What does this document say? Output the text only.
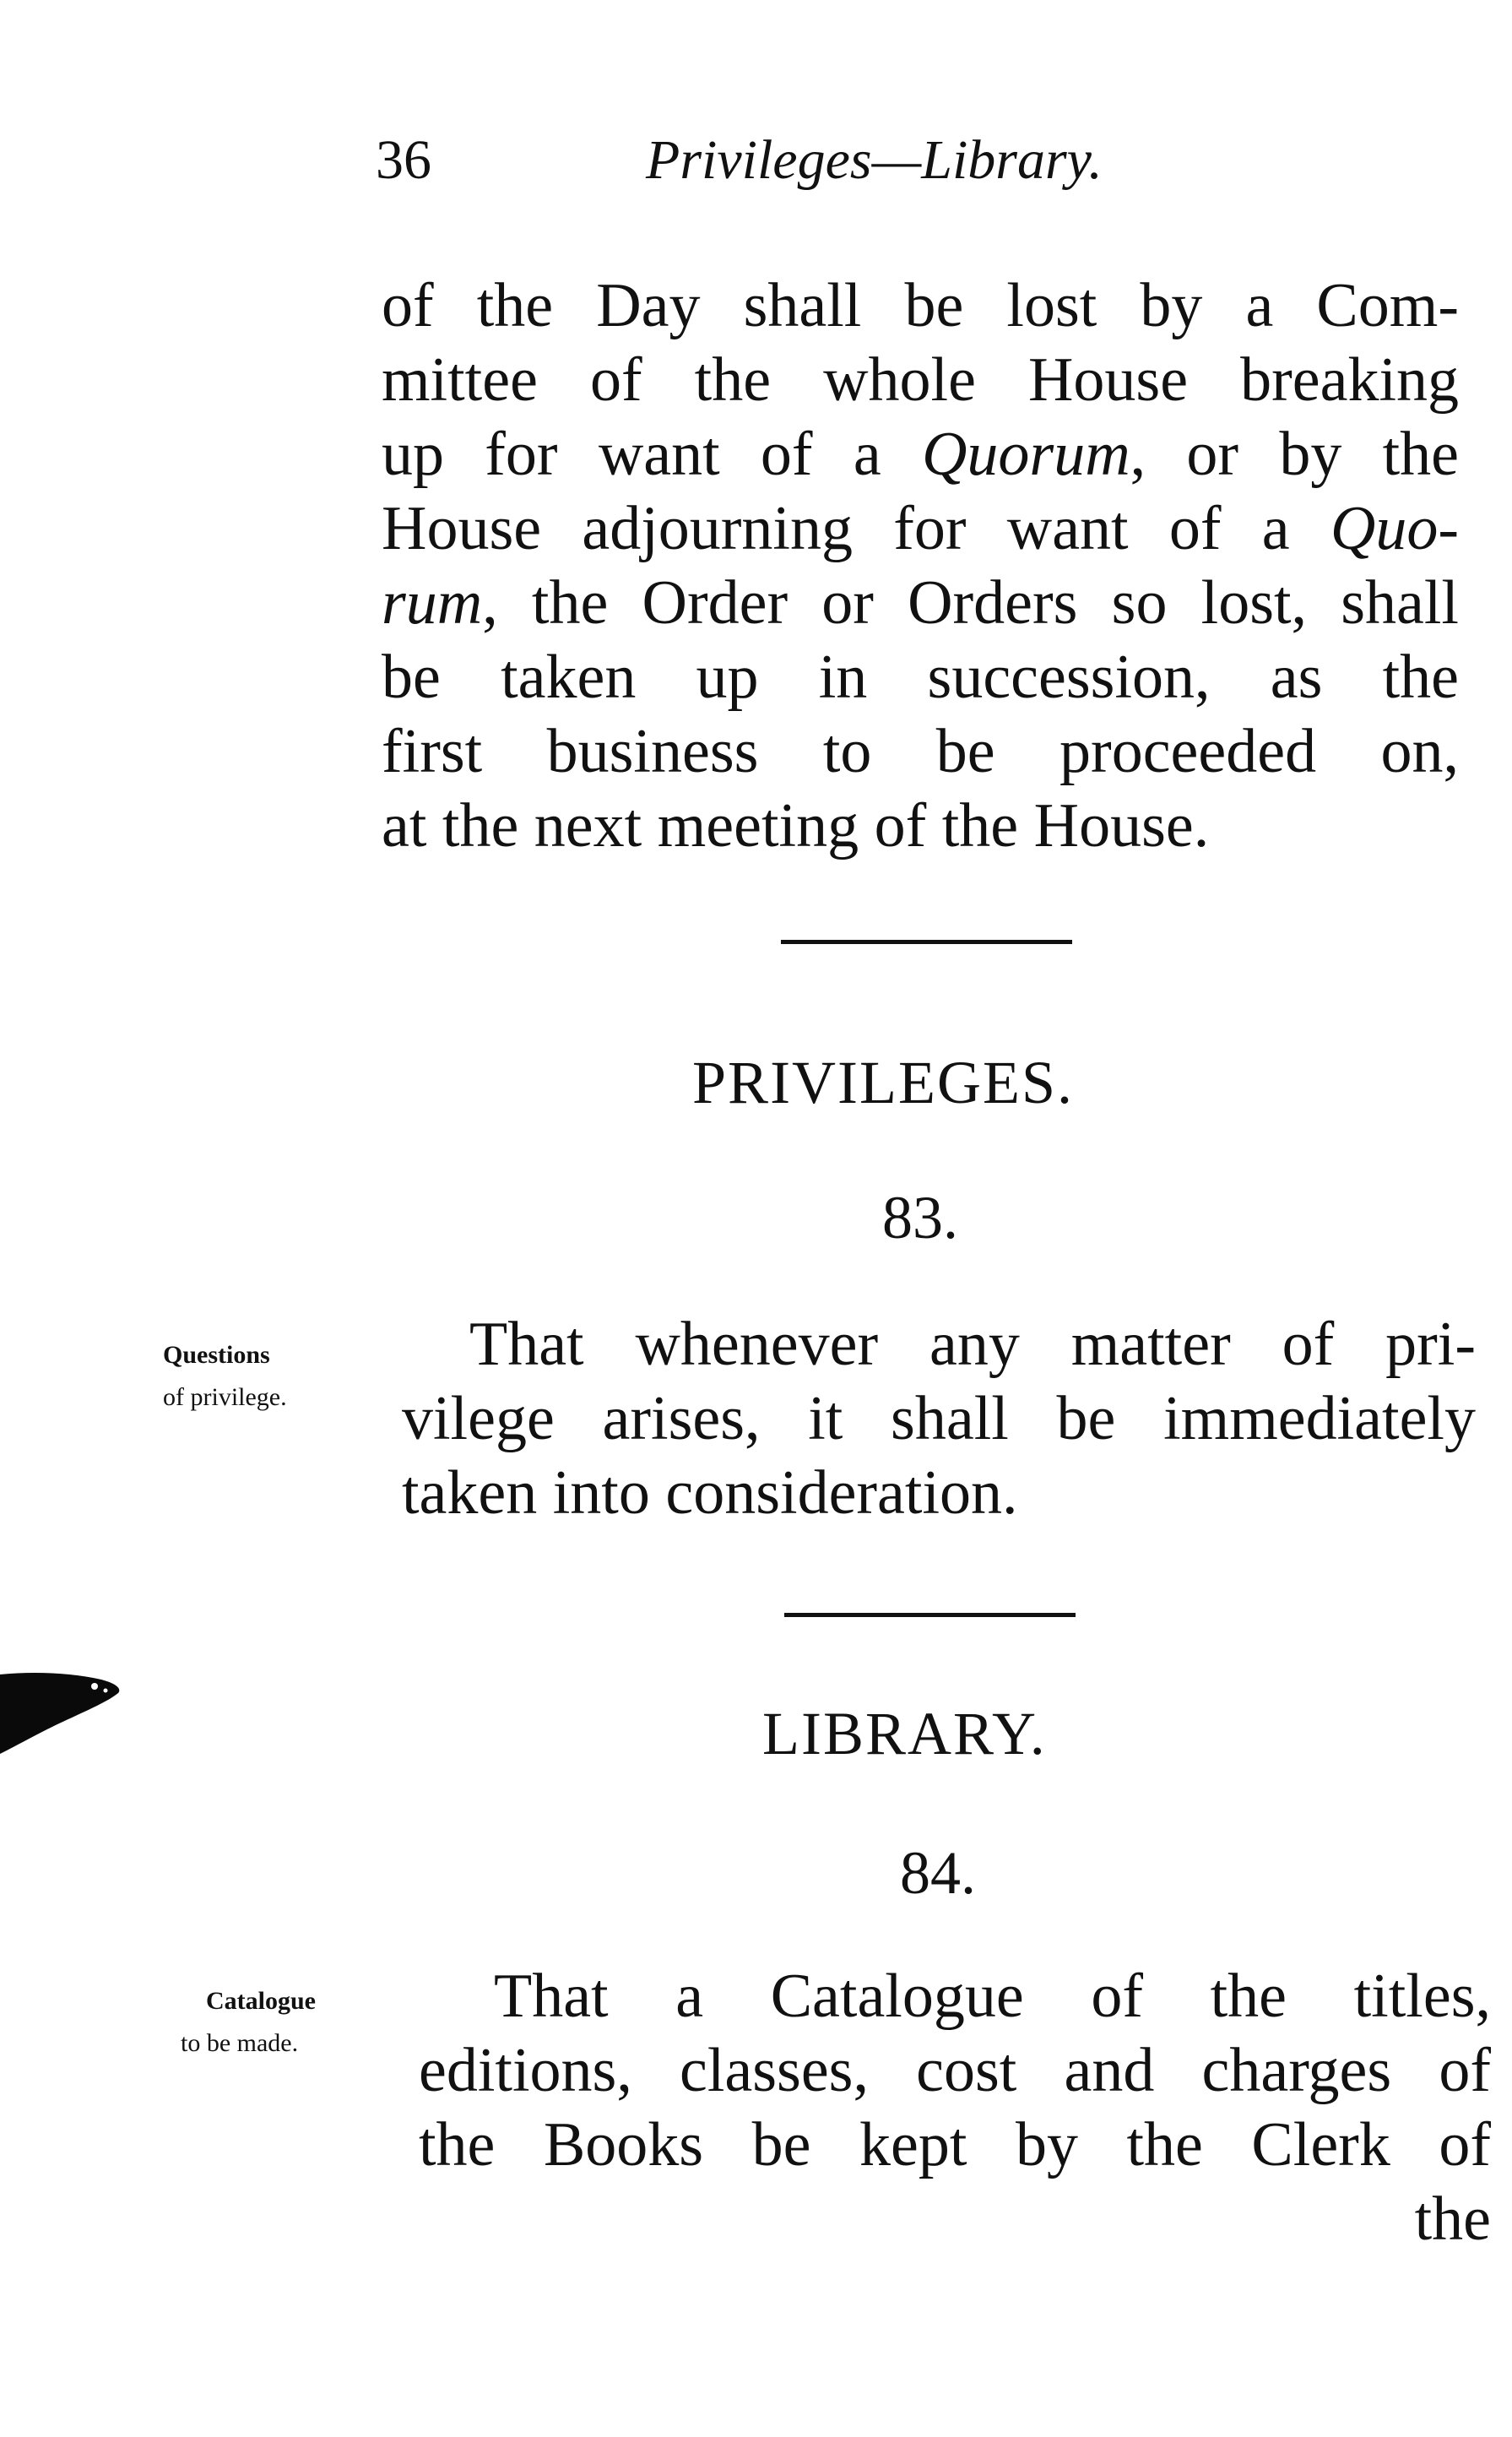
36	Privileges—Library.
of the Day shall be lost by a Com-
mittee of the whole House breaking
up for want of a Quorum, or by the
House adjourning for want of a Quo-
rum, the Order or Orders so lost, shall
be taken up in succession, as the
first business to be proceeded on,
at the next meeting of the House.
PRIVILEGES.
83.
Questions
of privilege.
That whenever any matter of pri-
vilege arises, it shall be immediately
taken into consideration.
LIBRARY.
84.
Catalogue
to be made.
That a Catalogue of the titles,
editions, classes, cost and charges of
the Books be kept by the Clerk of
the
